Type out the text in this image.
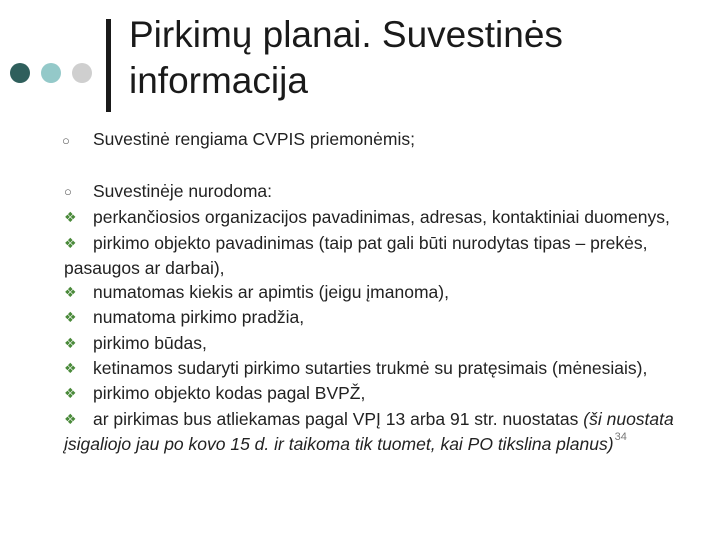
Pirkimų planai. Suvestinės informacija

○ Suvestinė rengiama CVPIS priemonėmis;

○ Suvestinėje nurodoma:
❖ perkančiosios organizacijos pavadinimas, adresas, kontaktiniai duomenys,
❖ pirkimo objekto pavadinimas (taip pat gali būti nurodytas tipas – prekės, pasaugos ar darbai),
❖ numatomas kiekis ar apimtis (jeigu įmanoma),
❖ numatoma pirkimo pradžia,
❖ pirkimo būdas,
❖ ketinamos sudaryti pirkimo sutarties trukmė su pratęsimais (mėnesiais),
❖ pirkimo objekto kodas pagal BVPŽ,
❖ ar pirkimas bus atliekamas pagal VPĮ 13 arba 91 str. nuostatas (ši nuostata įsigaliojo jau po kovo 15 d. ir taikoma tik tuomet, kai PO tikslina planus)$^{34}$
